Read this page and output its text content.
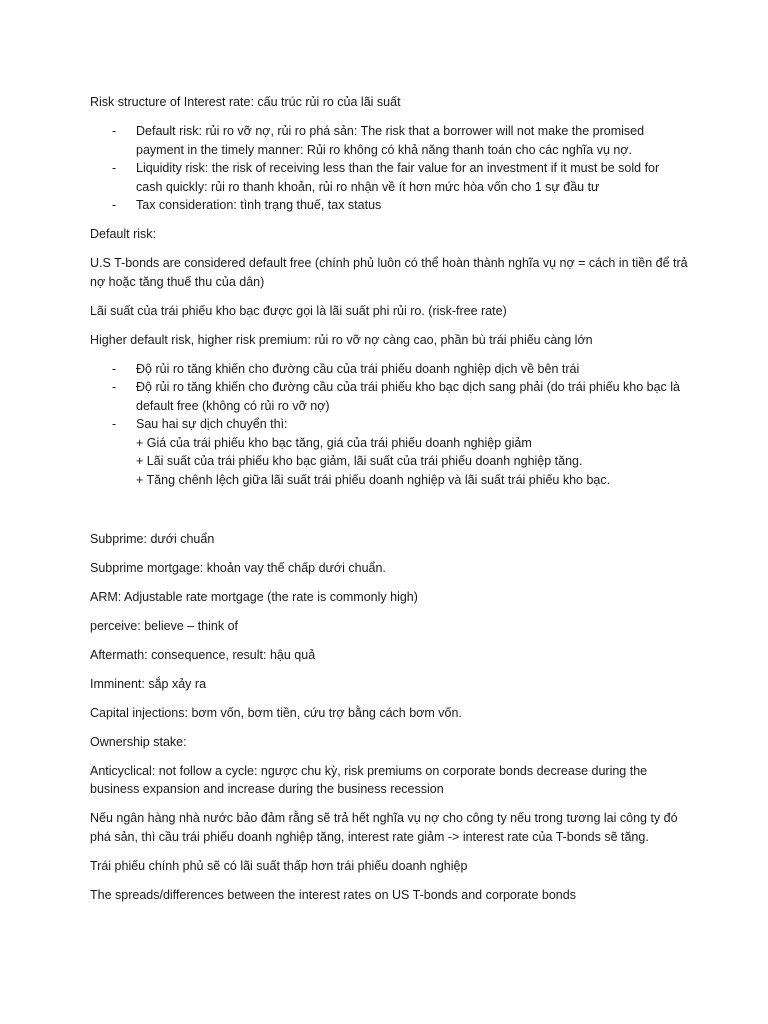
Risk structure of Interest rate: cấu trúc rủi ro của lãi suất

- Default risk: rủi ro vỡ nợ, rủi ro phá sản: The risk that a borrower will not make the promised payment in the timely manner: Rủi ro không có khả năng thanh toán cho các nghĩa vụ nợ.
- Liquidity risk: the risk of receiving less than the fair value for an investment if it must be sold for cash quickly: rủi ro thanh khoản, rủi ro nhận về ít hơn mức hòa vốn cho 1 sự đầu tư
- Tax consideration: tình trạng thuế, tax status

Default risk:

U.S T-bonds are considered default free (chính phủ luôn có thể hoàn thành nghĩa vụ nợ = cách in tiền để trả nợ hoặc tăng thuế thu của dân)

Lãi suất của trái phiếu kho bạc được gọi là lãi suất phi rủi ro. (risk-free rate)

Higher default risk, higher risk premium: rủi ro vỡ nợ càng cao, phần bù trái phiếu càng lớn

- Độ rủi ro tăng khiến cho đường cầu của trái phiếu doanh nghiệp dịch về bên trái
- Độ rủi ro tăng khiến cho đường cầu của trái phiếu kho bạc dịch sang phải (do trái phiếu kho bạc là default free (không có rủi ro vỡ nợ)
- Sau hai sự dịch chuyển thì:
+ Giá của trái phiếu kho bạc tăng, giá của trái phiếu doanh nghiệp giảm
+ Lãi suất của trái phiếu kho bạc giảm, lãi suất của trái phiếu doanh nghiệp tăng.
+ Tăng chênh lệch giữa lãi suất trái phiếu doanh nghiệp và lãi suất trái phiếu kho bạc.

Subprime: dưới chuẩn

Subprime mortgage: khoản vay thế chấp dưới chuẩn.

ARM: Adjustable rate mortgage (the rate is commonly high)

perceive: believe – think of

Aftermath: consequence, result: hậu quả

Imminent: sắp xảy ra

Capital injections: bơm vốn, bơm tiền, cứu trợ bằng cách bơm vốn.

Ownership stake:

Anticyclical: not follow a cycle: ngược chu kỳ, risk premiums on corporate bonds decrease during the business expansion and increase during the business recession

Nếu ngân hàng nhà nước bảo đảm rằng sẽ trả hết nghĩa vụ nợ cho công ty nếu trong tương lai công ty đó phá sản, thì cầu trái phiếu doanh nghiệp tăng, interest rate giảm -> interest rate của T-bonds sẽ tăng.

Trái phiếu chính phủ sẽ có lãi suất thấp hơn trái phiếu doanh nghiệp

The spreads/differences between the interest rates on US T-bonds and corporate bonds
